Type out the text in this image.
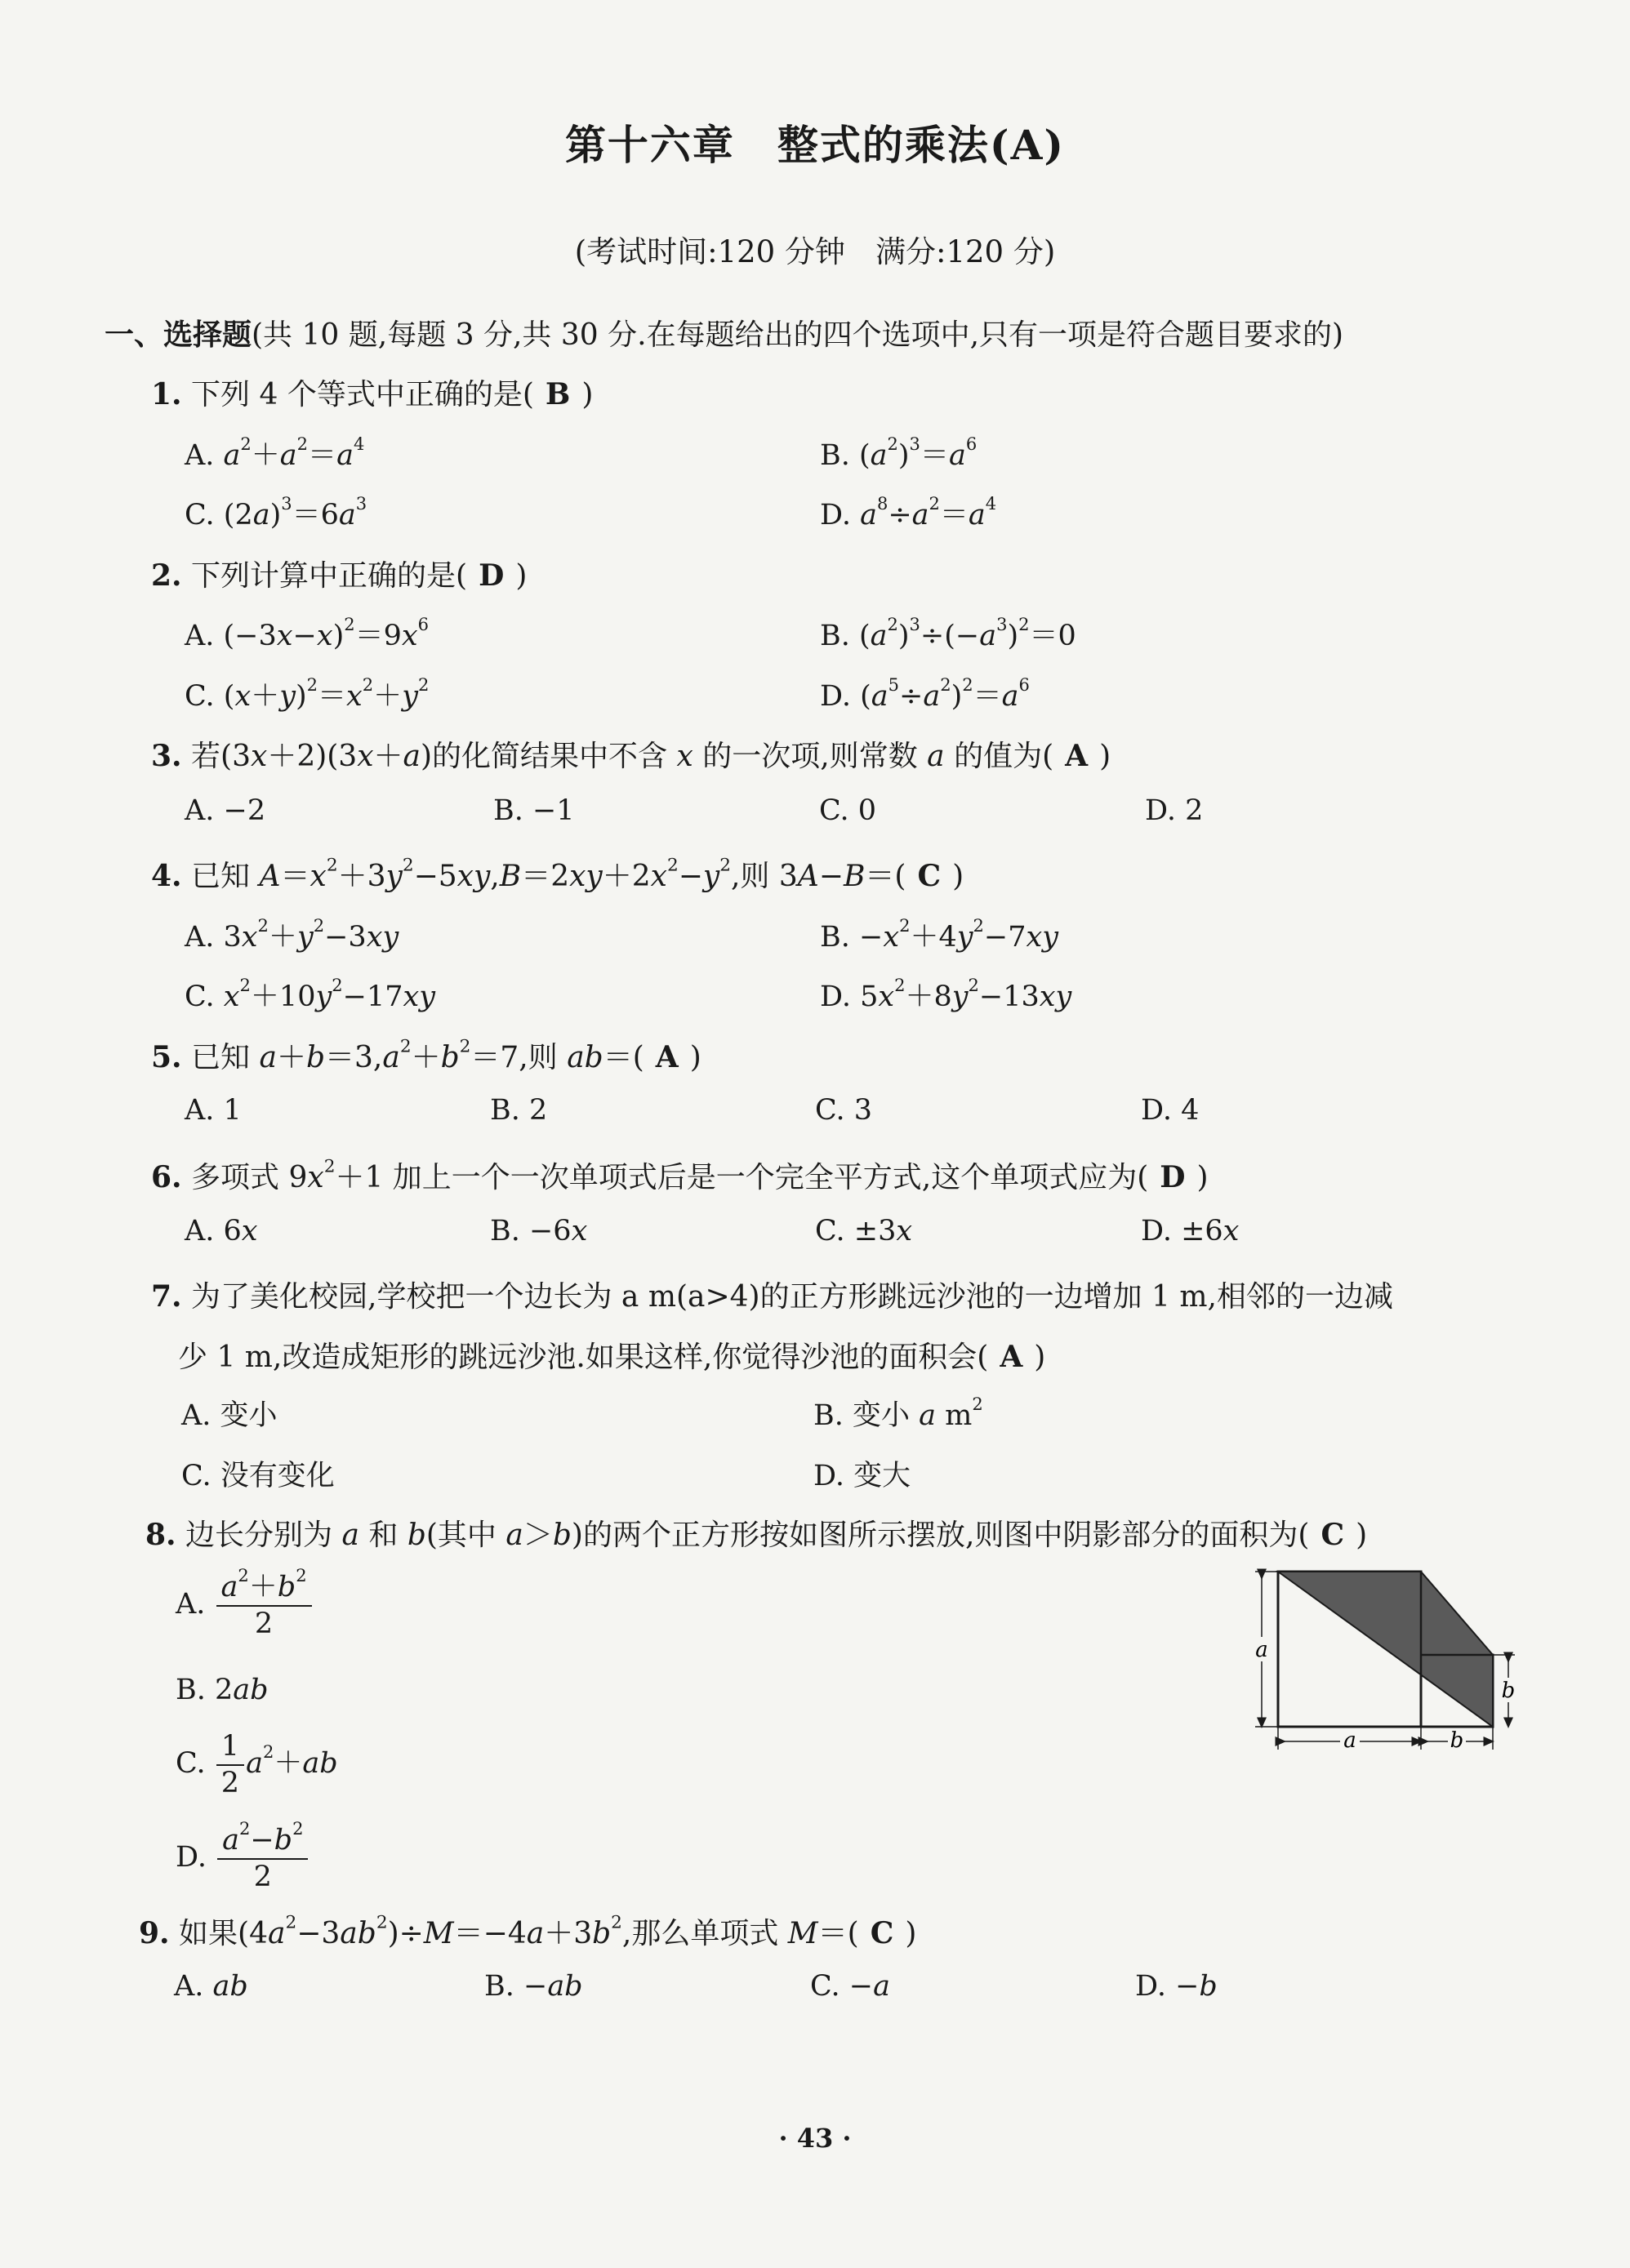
第十六章　整式的乘法(A)
(考试时间:120 分钟　满分:120 分)
一、选择题(共 10 题,每题 3 分,共 30 分.在每题给出的四个选项中,只有一项是符合题目要求的)
1. 下列 4 个等式中正确的是( B )
A. $a^2+a^2=a^4$	B. $(a^2)^3=a^6$
C. $(2a)^3=6a^3$	D. $a^8\div a^2=a^4$
2. 下列计算中正确的是( D )
A. $(-3x-x)^2=9x^6$	B. $(a^2)^3\div(-a^3)^2=0$
C. $(x+y)^2=x^2+y^2$	D. $(a^5\div a^2)^2=a^6$
3. 若(3x＋2)(3x＋a)的化简结果中不含 x 的一次项,则常数 a 的值为( A )
A. −2	B. −1	C. 0	D. 2
4. 已知 $A=x^2+3y^2-5xy,B=2xy+2x^2-y^2$,则 3A−B＝( C )
A. $3x^2+y^2-3xy$	B. $-x^2+4y^2-7xy$
C. $x^2+10y^2-17xy$	D. $5x^2+8y^2-13xy$
5. 已知 $a+b=3,a^2+b^2=7$,则 ab＝( A )
A. 1	B. 2	C. 3	D. 4
6. 多项式 $9x^2+1$ 加上一个一次单项式后是一个完全平方式,这个单项式应为( D )
A. 6x	B. −6x	C. ±3x	D. ±6x
7. 为了美化校园,学校把一个边长为 a m(a>4)的正方形跳远沙池的一边增加 1 m,相邻的一边减
少 1 m,改造成矩形的跳远沙池.如果这样,你觉得沙池的面积会( A )
A. 变小	B. 变小 a $m^2$
C. 没有变化	D. 变大
8. 边长分别为 a 和 b(其中 a＞b)的两个正方形按如图所示摆放,则图中阴影部分的面积为( C )
A. $\frac{a^2+b^2}{2}$
B. 2ab
C. $\frac{1}{2} a^2+ab$
D. $\frac{a^2-b^2}{2}$
a
b
a	b
9. 如果$(4a^2-3ab^2)\div M=-4a+3b^2$,那么单项式 M＝( C )
A. ab	B. −ab	C. −a	D. −b
· 43 ·
